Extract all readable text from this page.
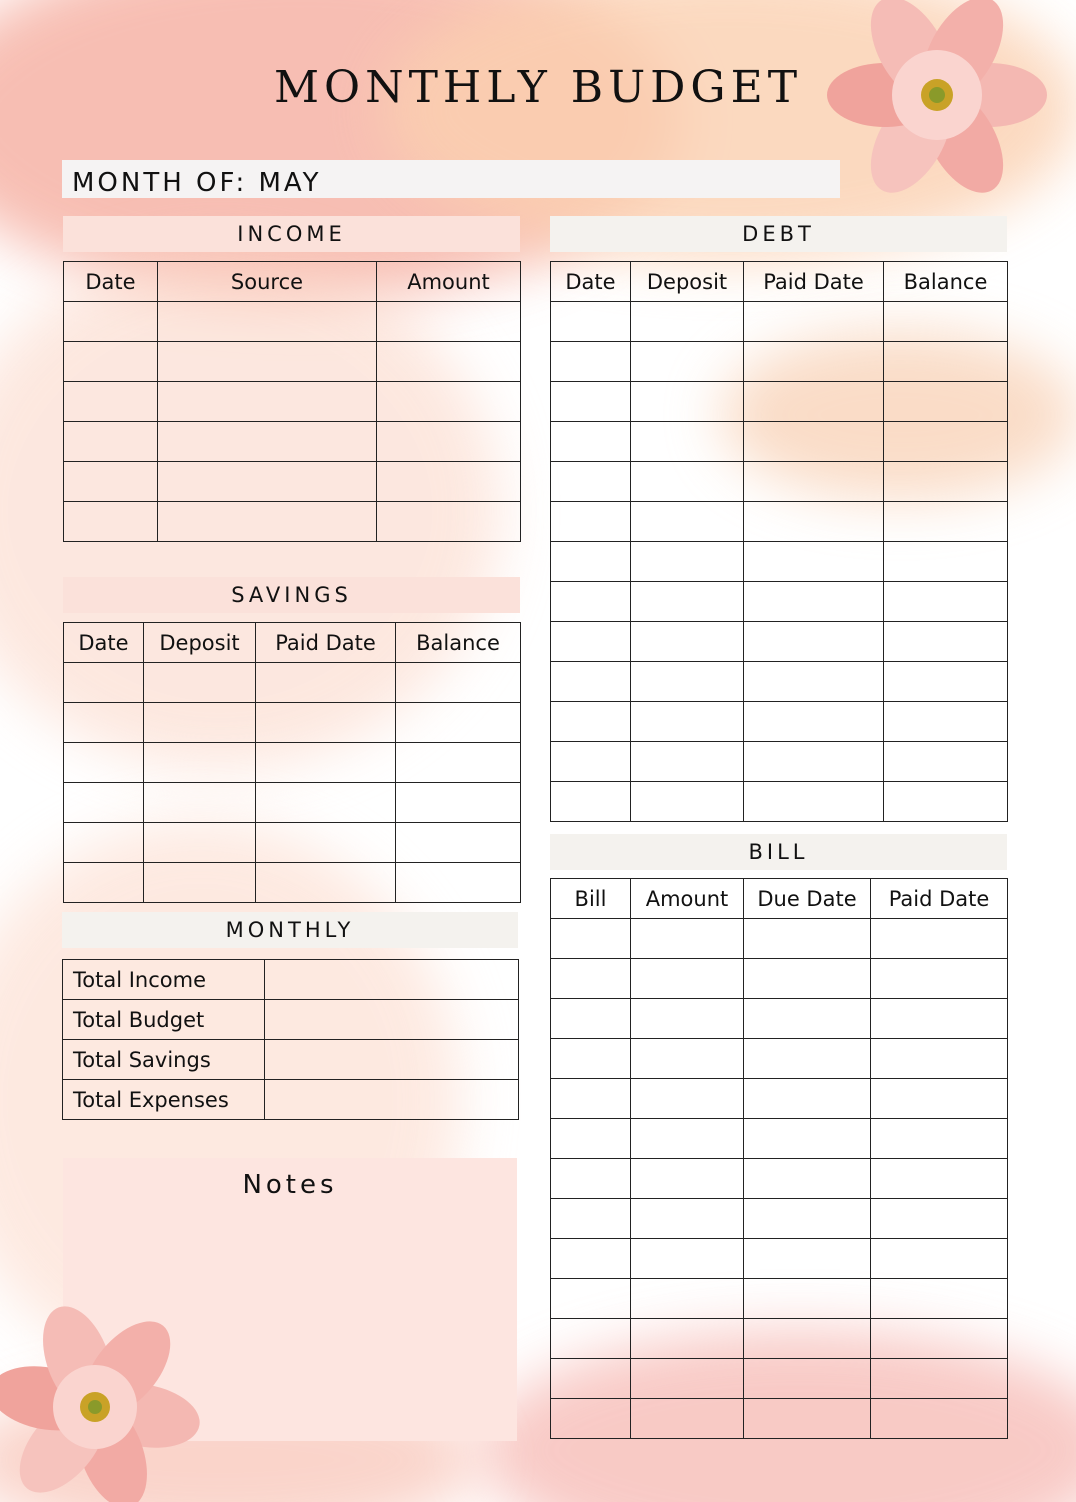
MONTHLY BUDGET
MONTH OF: MAY
INCOME
Date	Source	Amount

SAVINGS
Date	Deposit	Paid Date	Balance

MONTHLY
Total Income	
Total Budget	
Total Savings	
Total Expenses	
Notes
DEBT
Date	Deposit	Paid Date	Balance

BILL
Bill	Amount	Due Date	Paid Date
